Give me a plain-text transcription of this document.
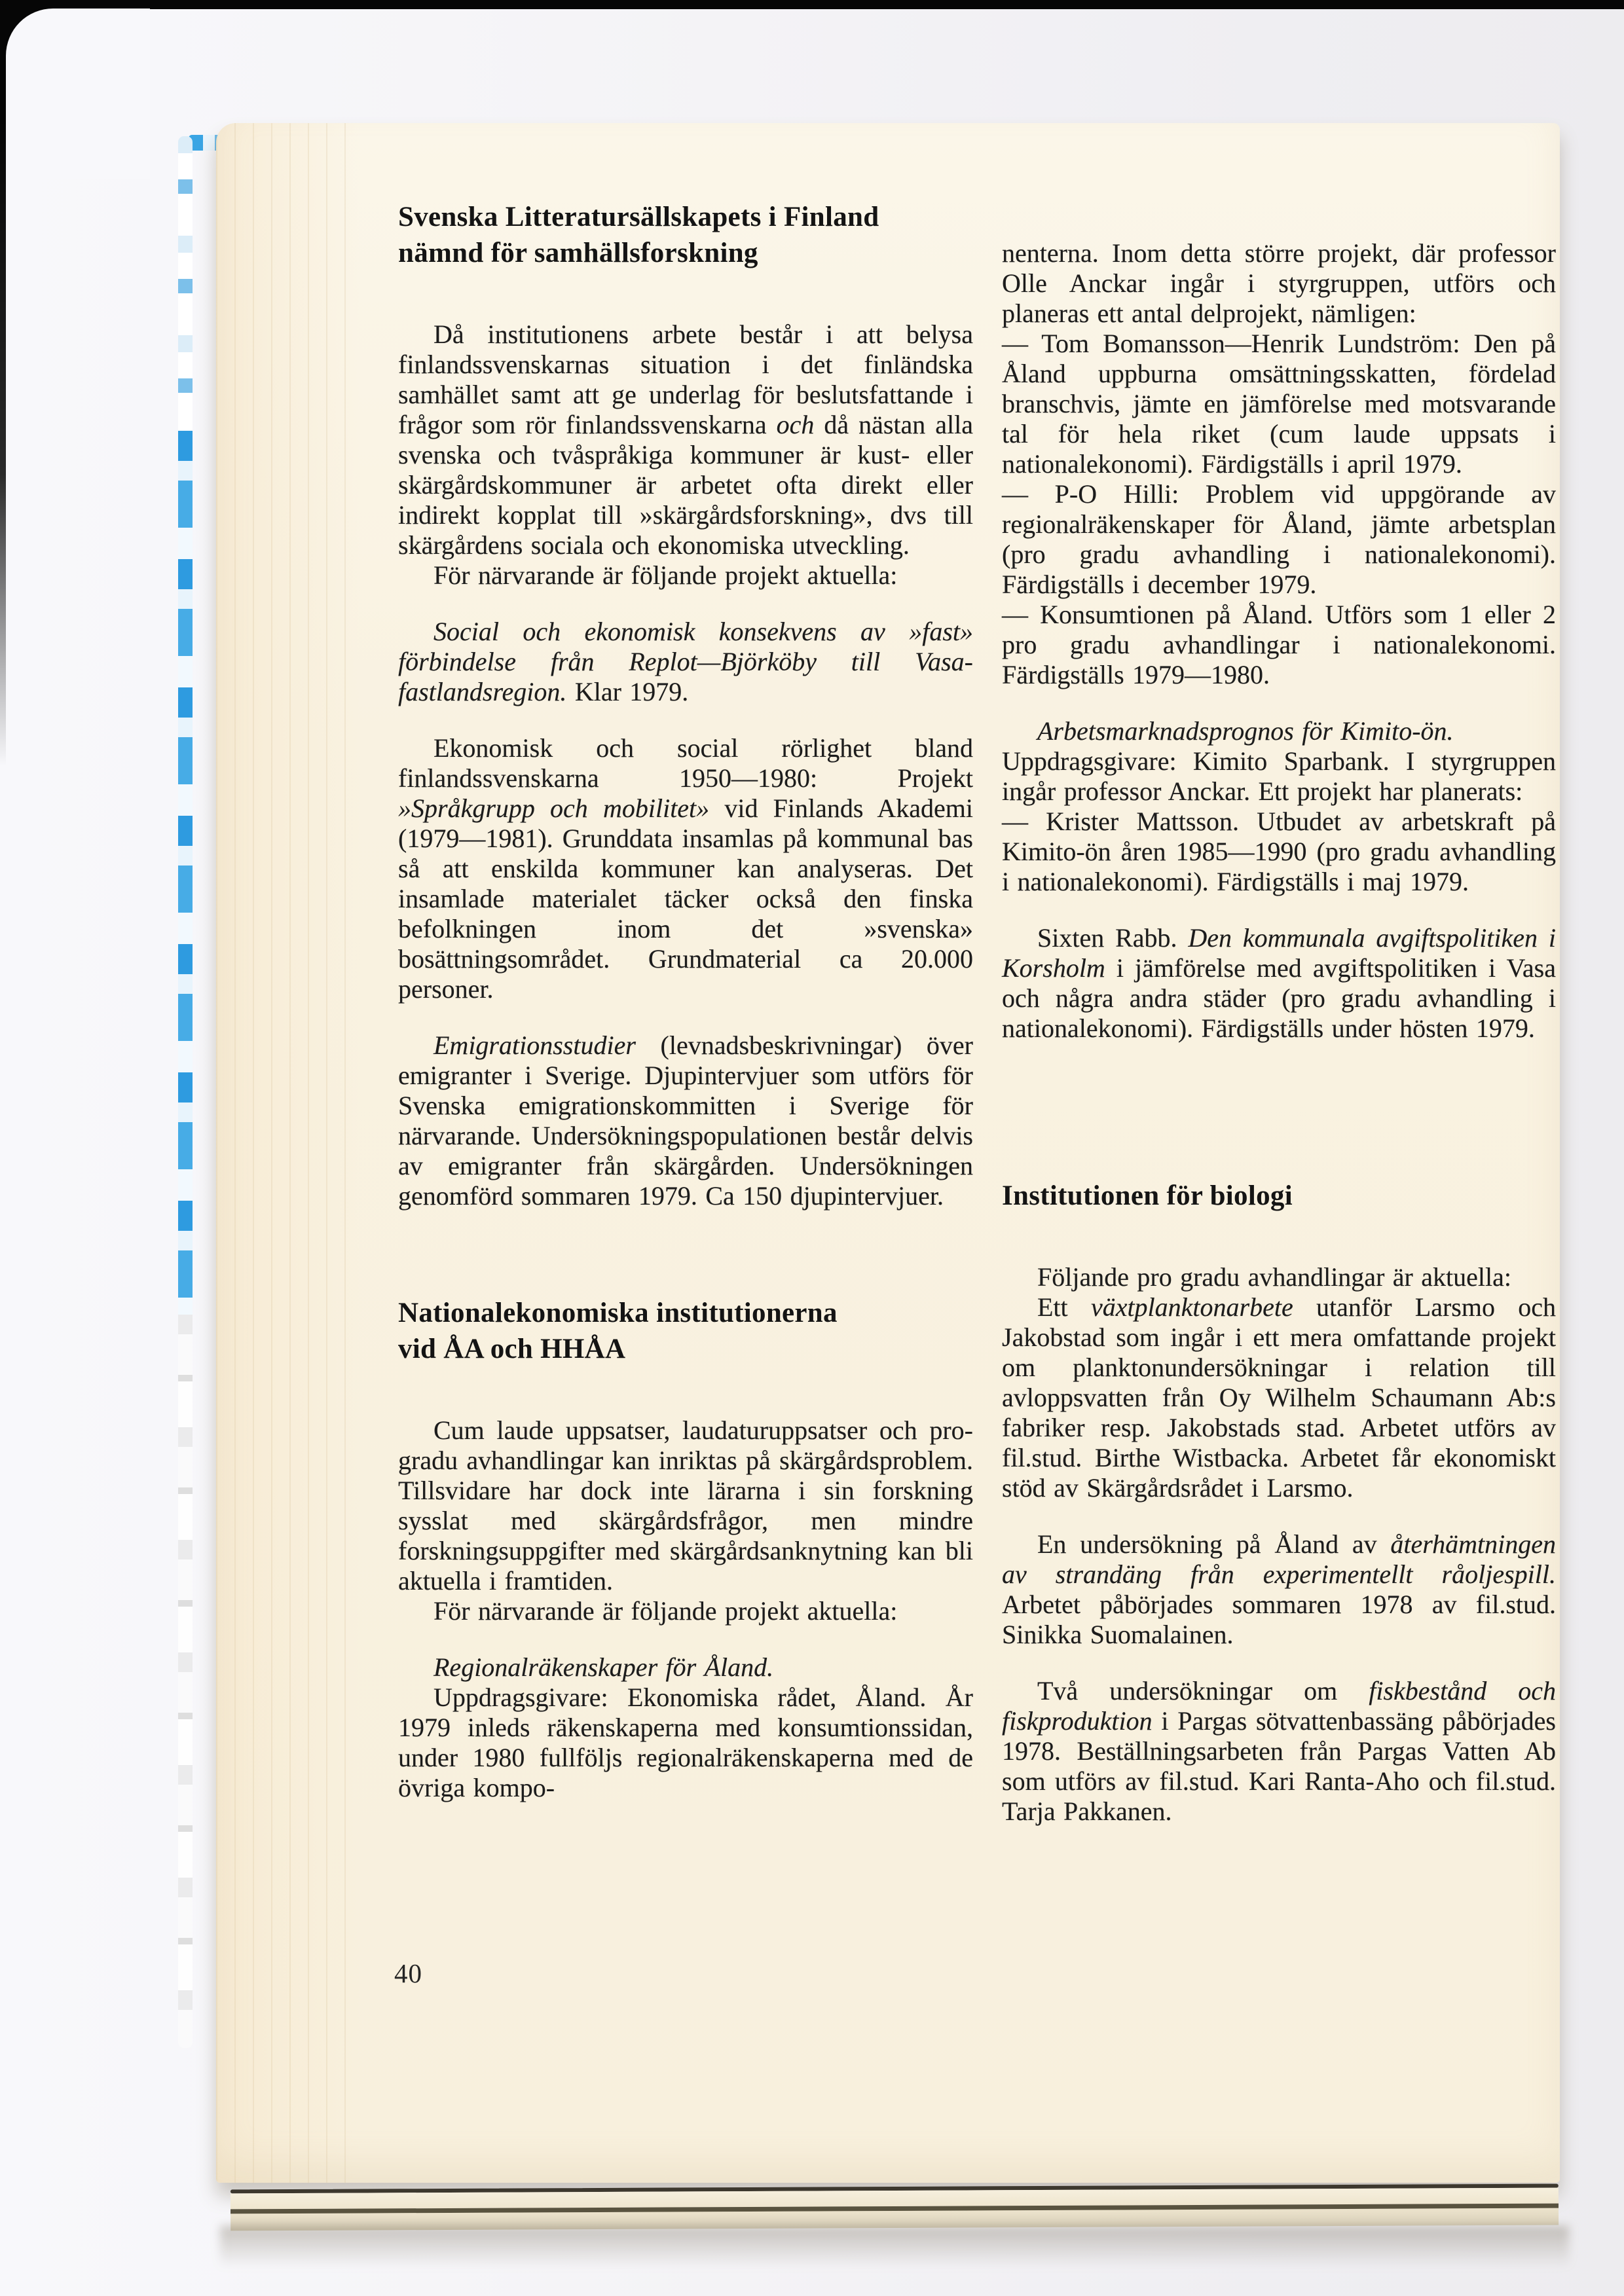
Svenska Litteratursällskapets i Finland
nämnd för samhällsforskning
Då institutionens arbete består i att belysa finlandssvenskarnas situation i det finländska samhället samt att ge underlag för beslutsfattande i frågor som rör finlandssvenskarna och då nästan alla svenska och tvåspråkiga kommuner är kust- eller skärgårdskommuner är arbetet ofta direkt eller indirekt kopplat till »skärgårdsforskning», dvs till skärgårdens sociala och ekonomiska utveckling.
För närvarande är följande projekt aktuella:
Social och ekonomisk konsekvens av »fast» förbindelse från Replot—Björköby till Vasa-fastlandsregion. Klar 1979.
Ekonomisk och social rörlighet bland finlandssvenskarna 1950—1980: Projekt »Språkgrupp och mobilitet» vid Finlands Akademi (1979—1981). Grunddata insamlas på kommunal bas så att enskilda kommuner kan analyseras. Det insamlade materialet täcker också den finska befolkningen inom det »svenska» bosättningsområdet. Grundmaterial ca 20.000 personer.
Emigrationsstudier (levnadsbeskrivningar) över emigranter i Sverige. Djupintervjuer som utförs för Svenska emigrationskommitten i Sverige för närvarande. Undersökningspopulationen består delvis av emigranter från skärgården. Undersökningen genomförd sommaren 1979. Ca 150 djupintervjuer.
Nationalekonomiska institutionerna
vid ÅA och HHÅA
Cum laude uppsatser, laudaturuppsatser och pro-gradu avhandlingar kan inriktas på skärgårdsproblem. Tillsvidare har dock inte lärarna i sin forskning sysslat med skärgårdsfrågor, men mindre forskningsuppgifter med skärgårdsanknytning kan bli aktuella i framtiden.
För närvarande är följande projekt aktuella:
Regionalräkenskaper för Åland.
Uppdragsgivare: Ekonomiska rådet, Åland. År 1979 inleds räkenskaperna med konsumtionssidan, under 1980 fullföljs regionalräkenskaperna med de övriga kompo-
nenterna. Inom detta större projekt, där professor Olle Anckar ingår i styrgruppen, utförs och planeras ett antal delprojekt, nämligen:
— Tom Bomansson—Henrik Lundström: Den på Åland uppburna omsättningsskatten, fördelad branschvis, jämte en jämförelse med motsvarande tal för hela riket (cum laude uppsats i nationalekonomi). Färdigställs i april 1979.
— P-O Hilli: Problem vid uppgörande av regionalräkenskaper för Åland, jämte arbetsplan (pro gradu avhandling i nationalekonomi). Färdigställs i december 1979.
— Konsumtionen på Åland. Utförs som 1 eller 2 pro gradu avhandlingar i nationalekonomi. Färdigställs 1979—1980.
Arbetsmarknadsprognos för Kimito-ön.
Uppdragsgivare: Kimito Sparbank. I styrgruppen ingår professor Anckar. Ett projekt har planerats:
— Krister Mattsson. Utbudet av arbetskraft på Kimito-ön åren 1985—1990 (pro gradu avhandling i nationalekonomi). Färdigställs i maj 1979.
Sixten Rabb. Den kommunala avgiftspolitiken i Korsholm i jämförelse med avgiftspolitiken i Vasa och några andra städer (pro gradu avhandling i nationalekonomi). Färdigställs under hösten 1979.
Institutionen för biologi
Följande pro gradu avhandlingar är aktuella:
Ett växtplanktonarbete utanför Larsmo och Jakobstad som ingår i ett mera omfattande projekt om planktonundersökningar i relation till avloppsvatten från Oy Wilhelm Schaumann Ab:s fabriker resp. Jakobstads stad. Arbetet utförs av fil.stud. Birthe Wistbacka. Arbetet får ekonomiskt stöd av Skärgårdsrådet i Larsmo.
En undersökning på Åland av återhämtningen av strandäng från experimentellt råoljespill. Arbetet påbörjades sommaren 1978 av fil.stud. Sinikka Suomalainen.
Två undersökningar om fiskbestånd och fiskproduktion i Pargas sötvattenbassäng påbörjades 1978. Beställningsarbeten från Pargas Vatten Ab som utförs av fil.stud. Kari Ranta-Aho och fil.stud. Tarja Pakkanen.
40
